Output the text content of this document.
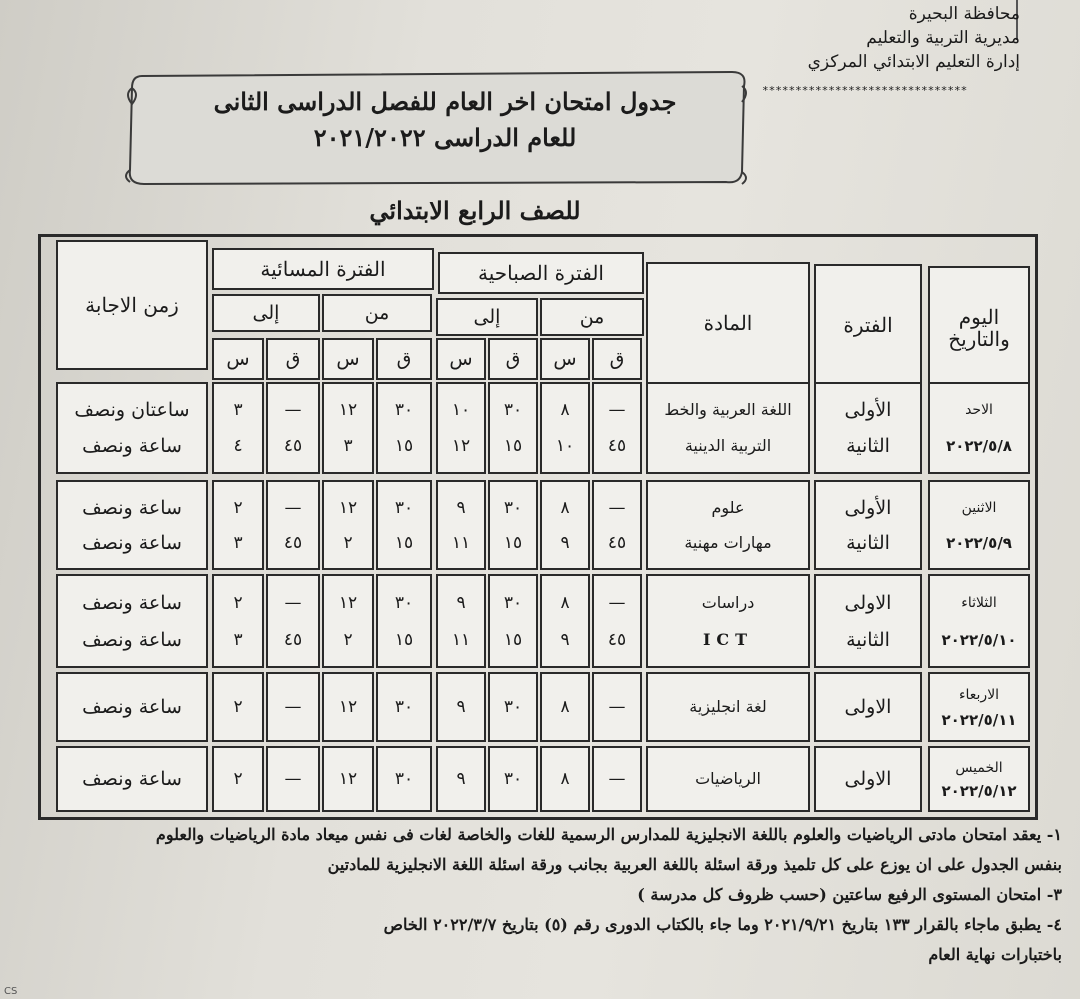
محافظة البحيرة
مديرية التربية والتعليم
إدارة التعليم الابتدائي المركزي
*******************************
جدول امتحان اخر العام للفصل الدراسى الثانى
للعام الدراسى ٢٠٢١/٢٠٢٢
للصف الرابع الابتدائي
اليوم والتاريخ
الفترة
المادة
الفترة الصباحية
الفترة المسائية
من
إلى
من
إلى
ق
س
ق
س
ق
س
ق
س
زمن الاجابة
الاحد
٢٠٢٢/٥/٨
الأولى
الثانية
اللغة العربية والخط
التربية الدينية
—
٤٥
٨
١٠
٣٠
١٥
١٠
١٢
٣٠
١٥
١٢
٣
—
٤٥
٣
٤
ساعتان ونصف
ساعة ونصف
الاثنين
٢٠٢٢/٥/٩
الأولى
الثانية
علوم
مهارات مهنية
—
٤٥
٨
٩
٣٠
١٥
٩
١١
٣٠
١٥
١٢
٢
—
٤٥
٢
٣
ساعة ونصف
ساعة ونصف
الثلاثاء
٢٠٢٢/٥/١٠
الاولى
الثانية
دراسات
ICT
—
٤٥
٨
٩
٣٠
١٥
٩
١١
٣٠
١٥
١٢
٢
—
٤٥
٢
٣
ساعة ونصف
ساعة ونصف
الاربعاء
٢٠٢٢/٥/١١
الاولى
لغة انجليزية
—
٨
٣٠
٩
٣٠
١٢
—
٢
ساعة ونصف
الخميس
٢٠٢٢/٥/١٢
الاولى
الرياضيات
—
٨
٣٠
٩
٣٠
١٢
—
٢
ساعة ونصف
١- يعقد امتحان مادتى الرياضيات والعلوم باللغة الانجليزية للمدارس الرسمية للغات والخاصة لغات فى نفس ميعاد مادة الرياضيات والعلوم
بنفس الجدول على ان يوزع على كل تلميذ ورقة اسئلة باللغة العربية بجانب ورقة اسئلة اللغة الانجليزية للمادتين
٣- امتحان المستوى الرفيع ساعتين (حسب ظروف كل مدرسة )
٤- يطبق ماجاء بالقرار ١٣٣ بتاريخ ٢٠٢١/٩/٢١ وما جاء بالكتاب الدورى رقم (٥) بتاريخ ٢٠٢٢/٣/٧ الخاص
باختبارات نهاية العام
CS
